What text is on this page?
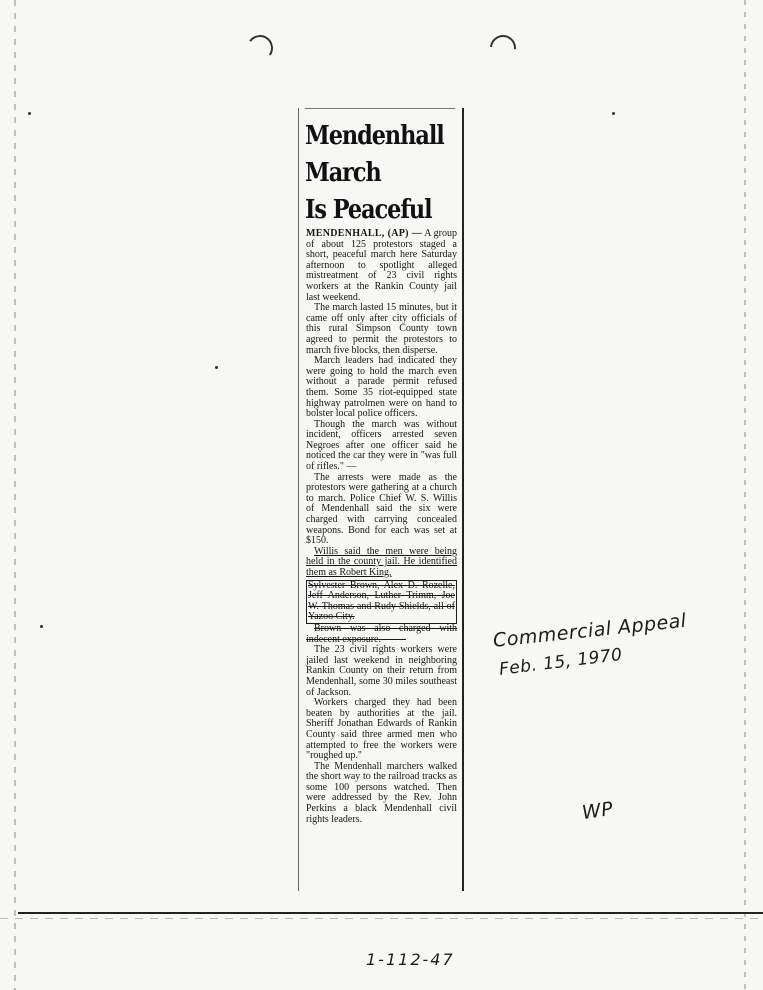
Mendenhall
March
Is Peaceful

MENDENHALL, (AP) — A group of about 125 protestors staged a short, peaceful march here Saturday afternoon to spotlight alleged mistreatment of 23 civil rights workers at the Rankin County jail last weekend.

The march lasted 15 minutes, but it came off only after city officials of this rural Simpson County town agreed to permit the protestors to march five blocks, then disperse.

March leaders had indicated they were going to hold the march even without a parade permit refused them. Some 35 riot-equipped state highway patrolmen were on hand to bolster local police officers.

Though the march was without incident, officers arrested seven Negroes after one officer said he noticed the car they were in "was full of rifles." —

The arrests were made as the protestors were gathering at a church to march. Police Chief W. S. Willis of Mendenhall said the six were charged with carrying concealed weapons. Bond for each was set at $150.

Willis said the men were being held in the county jail. He identified them as Robert King,

Sylvester Brown, Alex D. Rozelle, Jeff Anderson, Luther Trimm, Joe W. Thomas and Rudy Shields, all of Yazoo City.

Brown was also charged with indecent exposure. — —

The 23 civil rights workers were jailed last weekend in neighboring Rankin County on their return from Mendenhall, some 30 miles southeast of Jackson.

Workers charged they had been beaten by authorities at the jail. Sheriff Jonathan Edwards of Rankin County said three armed men who attempted to free the workers were "roughed up."

The Mendenhall marchers walked the short way to the railroad tracks as some 100 persons watched. Then were addressed by the Rev. John Perkins a black Mendenhall civil rights leaders.

Commercial Appeal
Feb. 15, 1970
WP
1-112-47
